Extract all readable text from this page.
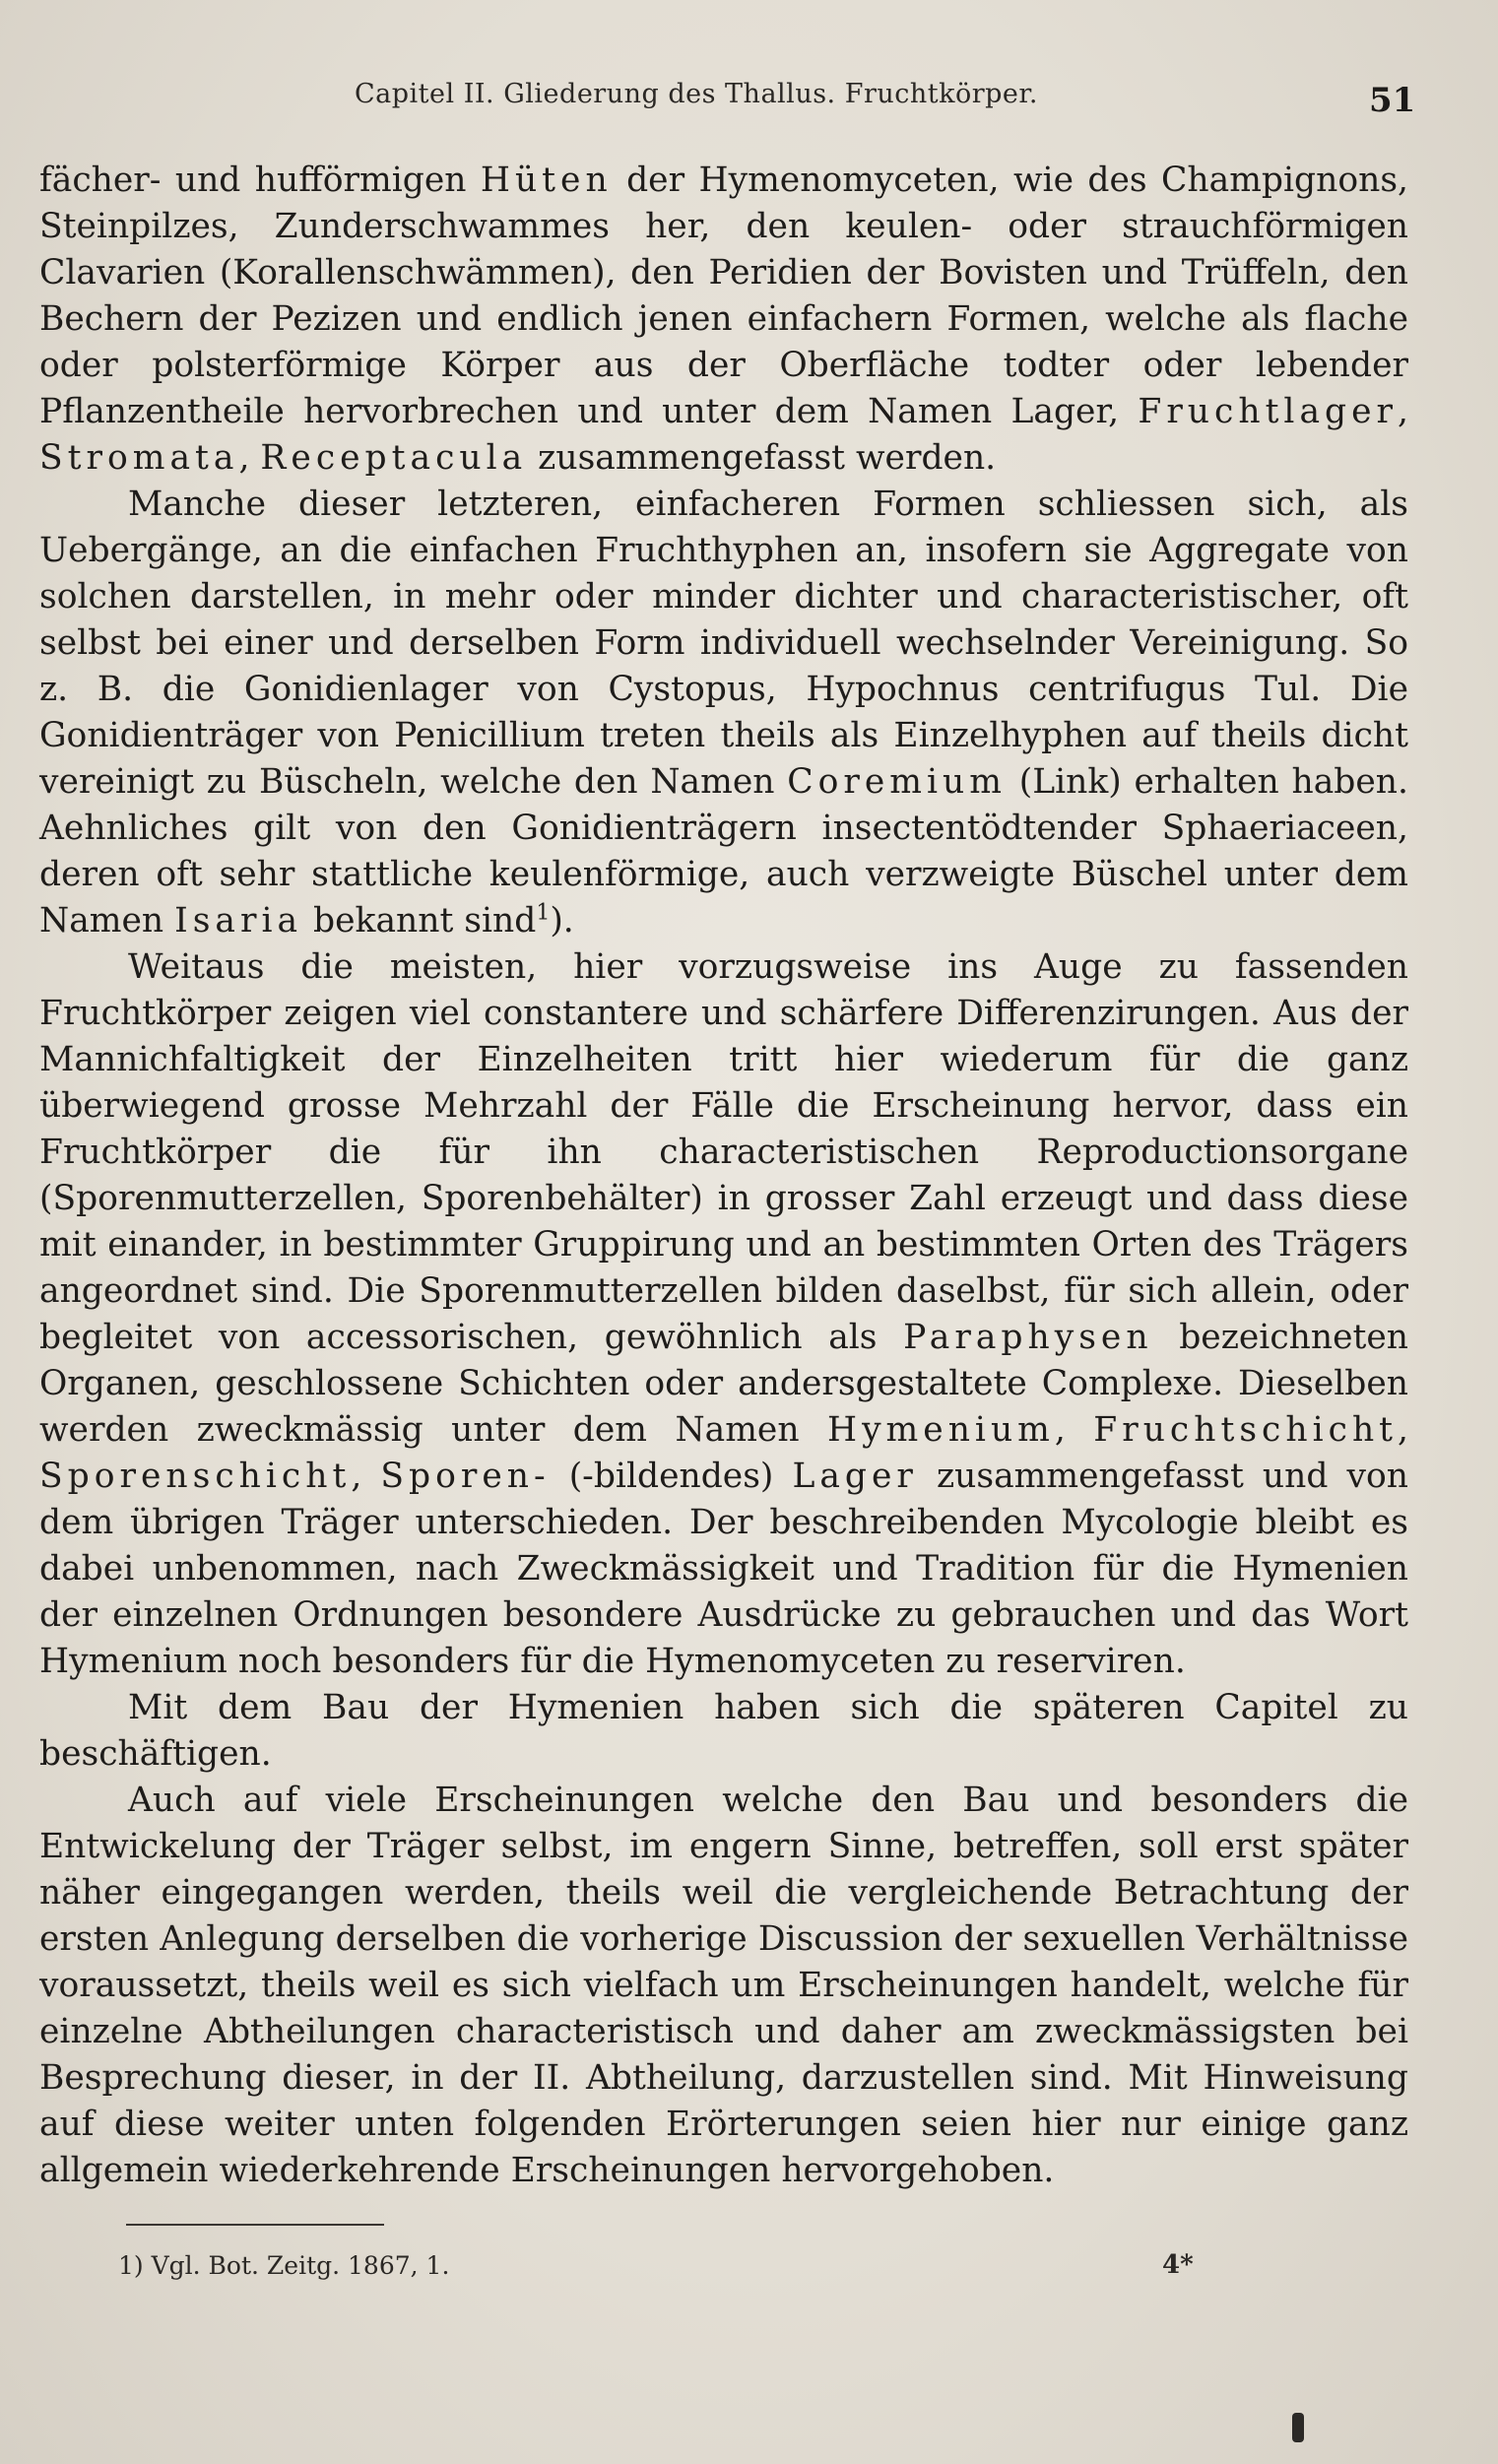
Capitel II. Gliederung des Thallus. Fruchtkörper.	51

fächer- und hufförmigen Hüten der Hymenomyceten, wie des Champignons, Steinpilzes, Zunderschwammes her, den keulen- oder strauchförmigen Clavarien (Korallenschwämmen), den Peridien der Bovisten und Trüffeln, den Bechern der Pezizen und endlich jenen einfachern Formen, welche als flache oder polsterförmige Körper aus der Oberfläche todter oder lebender Pflanzentheile hervorbrechen und unter dem Namen Lager, Fruchtlager, Stromata, Receptacula zusammengefasst werden.

Manche dieser letzteren, einfacheren Formen schliessen sich, als Uebergänge, an die einfachen Fruchthyphen an, insofern sie Aggregate von solchen darstellen, in mehr oder minder dichter und characteristischer, oft selbst bei einer und derselben Form individuell wechselnder Vereinigung. So z. B. die Gonidienlager von Cystopus, Hypochnus centrifugus Tul. Die Gonidienträger von Penicillium treten theils als Einzelhyphen auf theils dicht vereinigt zu Büscheln, welche den Namen Coremium (Link) erhalten haben. Aehnliches gilt von den Gonidienträgern insectentödtender Sphaeriaceen, deren oft sehr stattliche keulenförmige, auch verzweigte Büschel unter dem Namen Isaria bekannt sind$^1$).

Weitaus die meisten, hier vorzugsweise ins Auge zu fassenden Fruchtkörper zeigen viel constantere und schärfere Differenzirungen. Aus der Mannichfaltigkeit der Einzelheiten tritt hier wiederum für die ganz überwiegend grosse Mehrzahl der Fälle die Erscheinung hervor, dass ein Fruchtkörper die für ihn characteristischen Reproductionsorgane (Sporenmutterzellen, Sporenbehälter) in grosser Zahl erzeugt und dass diese mit einander, in bestimmter Gruppirung und an bestimmten Orten des Trägers angeordnet sind. Die Sporenmutterzellen bilden daselbst, für sich allein, oder begleitet von accessorischen, gewöhnlich als Paraphysen bezeichneten Organen, geschlossene Schichten oder andersgestaltete Complexe. Dieselben werden zweckmässig unter dem Namen Hymenium, Fruchtschicht, Sporenschicht, Sporen- (-bildendes) Lager zusammengefasst und von dem übrigen Träger unterschieden. Der beschreibenden Mycologie bleibt es dabei unbenommen, nach Zweckmässigkeit und Tradition für die Hymenien der einzelnen Ordnungen besondere Ausdrücke zu gebrauchen und das Wort Hymenium noch besonders für die Hymenomyceten zu reserviren.

Mit dem Bau der Hymenien haben sich die späteren Capitel zu beschäftigen.

Auch auf viele Erscheinungen welche den Bau und besonders die Entwickelung der Träger selbst, im engern Sinne, betreffen, soll erst später näher eingegangen werden, theils weil die vergleichende Betrachtung der ersten Anlegung derselben die vorherige Discussion der sexuellen Verhältnisse voraussetzt, theils weil es sich vielfach um Erscheinungen handelt, welche für einzelne Abtheilungen characteristisch und daher am zweckmässigsten bei Besprechung dieser, in der II. Abtheilung, darzustellen sind. Mit Hinweisung auf diese weiter unten folgenden Erörterungen seien hier nur einige ganz allgemein wiederkehrende Erscheinungen hervorgehoben.

1) Vgl. Bot. Zeitg. 1867, 1.	4*
